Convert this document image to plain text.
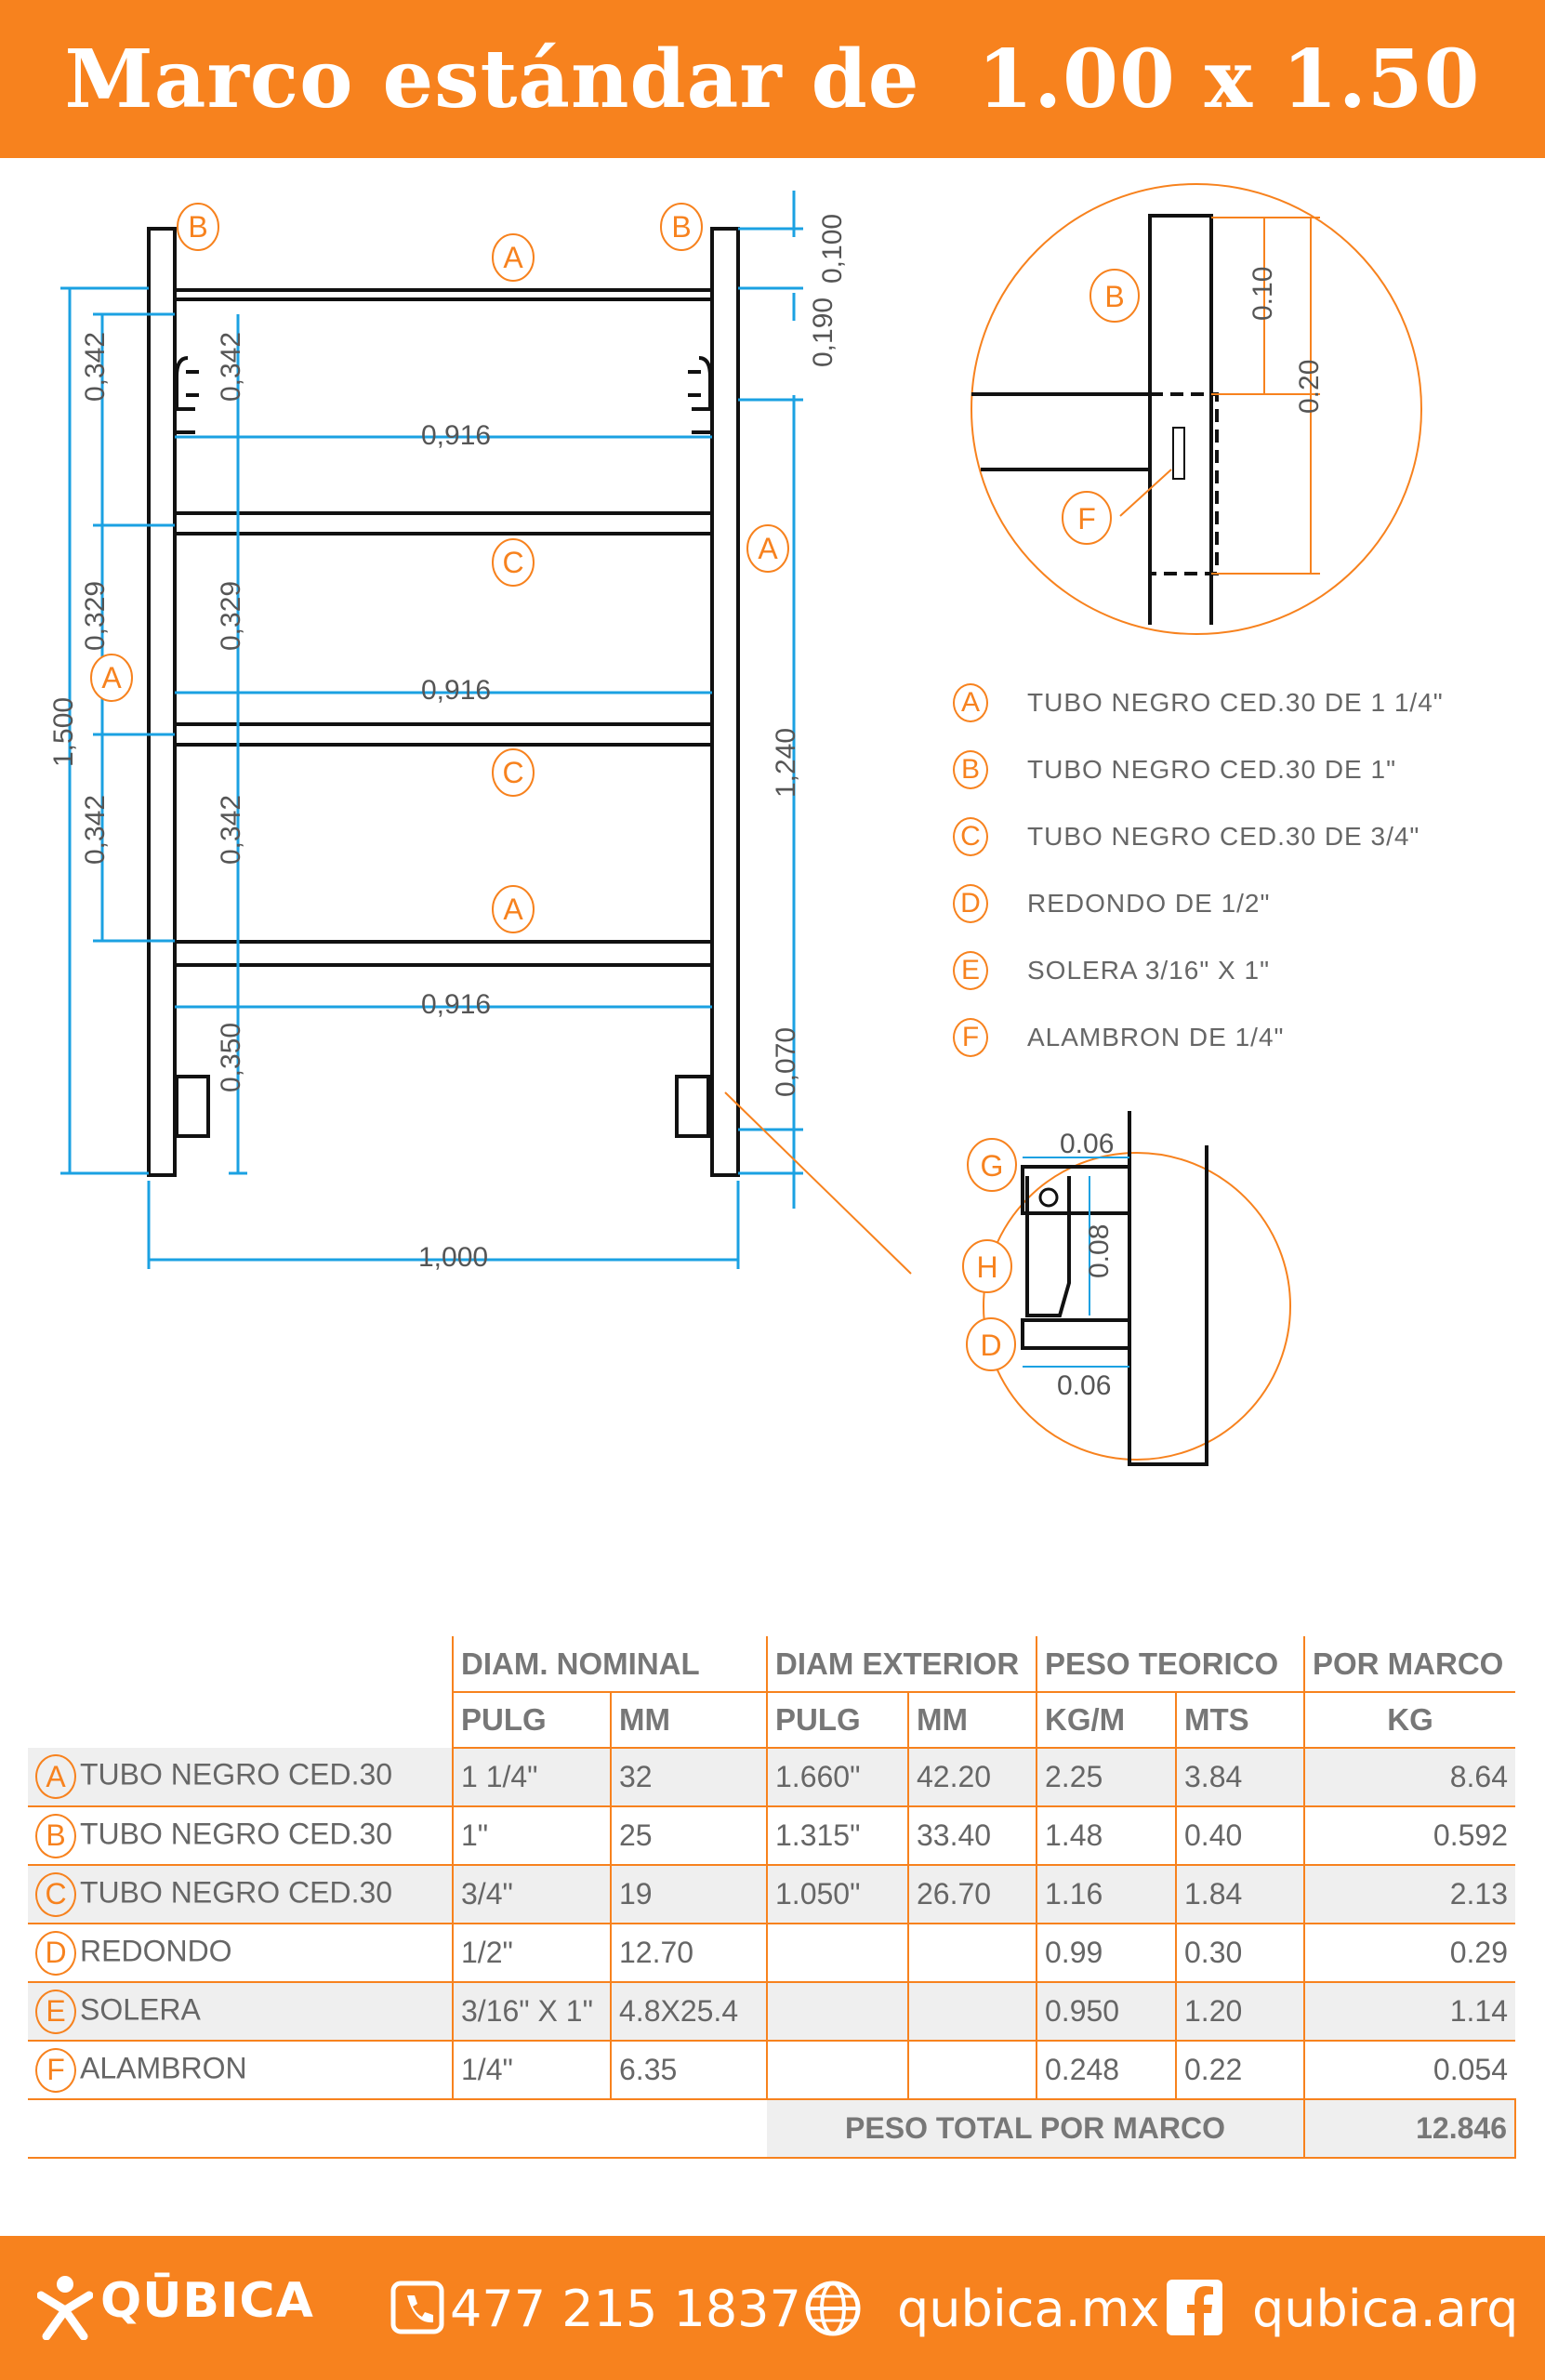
Marco estándar de  1.00 x 1.50
0,342	0,342
0,329	0,329
0,342	0,342
0,350
1,500
0,916
0,916
0,916
1,000
0,100
0,190
1,240
0,070
B	B
A
C
C
A
A
A
0.10
0.20
B
F
0.06
0.08
0.06
G
H
D
A	TUBO NEGRO CED.30 DE 1 1/4"
B	TUBO NEGRO CED.30 DE 1"
C TUBO NEGRO CED.30 DE 3/4"
D REDONDO DE 1/2"
E	SOLERA 3/16" X 1"
F	ALAMBRON DE 1/4"
	DIAM. NOMINAL		DIAM EXTERIOR		PESO TEORICO		POR MARCO
	PULG	MM	PULG	MM	KG/M	MTS	KG
A TUBO NEGRO CED.30	1 1/4"	32	1.660"	42.20	2.25	3.84	8.64
B TUBO NEGRO CED.30	1"	25	1.315"	33.40	1.48	0.40	0.592
C TUBO NEGRO CED.30	3/4"	19	1.050"	26.70	1.16	1.84	2.13
D REDONDO	1/2"	12.70			0.99	0.30	0.29
E SOLERA	3/16" X 1"	4.8X25.4			0.950	1.20	1.14
F ALAMBRON	1/4"	6.35			0.248	0.22	0.054
			PESO TOTAL POR MARCO				12.846
QŪBICA	477 215 1837 qubica.mx qubica.arq
